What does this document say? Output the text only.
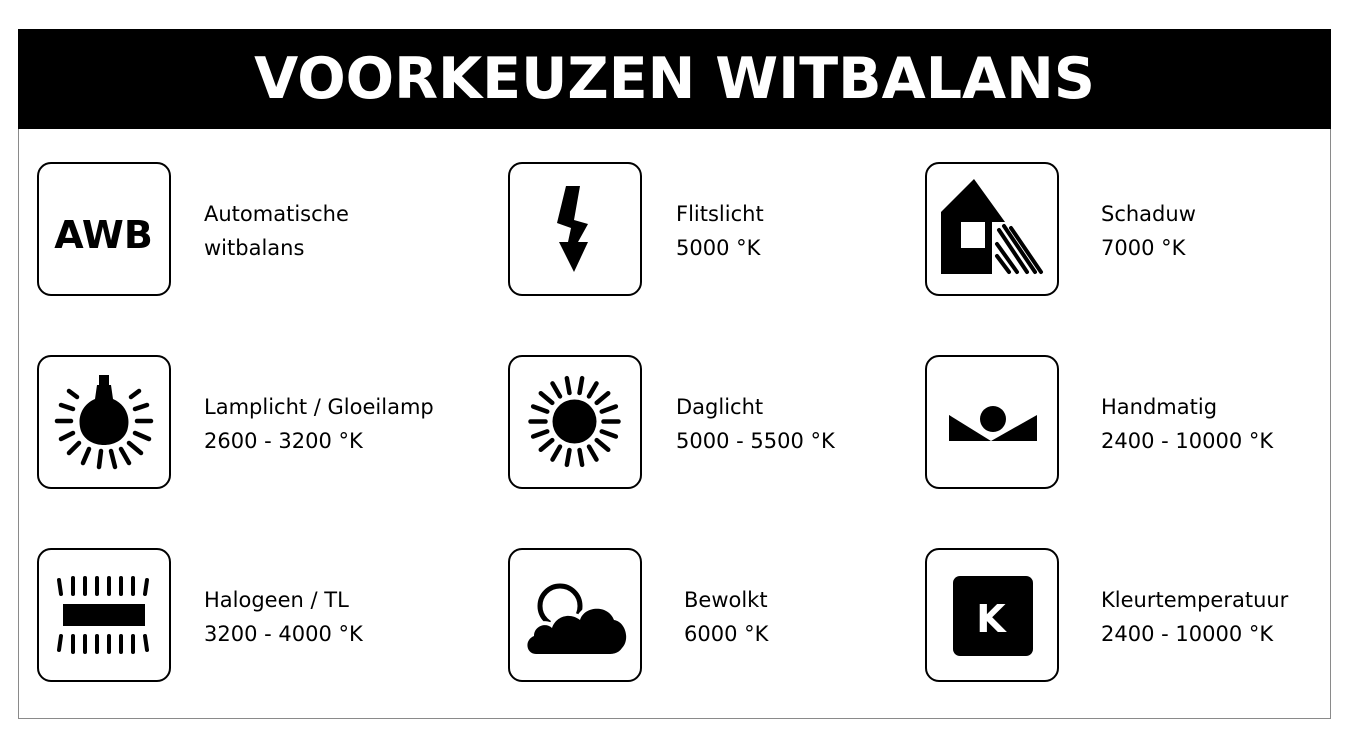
VOORKEUZEN WITBALANS
AWB Automatische
witbalans
Flitslicht
5000 °K
Schaduw
7000 °K
Lamplicht / Gloeilamp
2600 - 3200 °K
Daglicht
5000 - 5500 °K
Handmatig
2400 - 10000 °K
Halogeen / TL
3200 - 4000 °K
Bewolkt
6000 °K	K	Kleurtemperatuur
2400 - 10000 °K
